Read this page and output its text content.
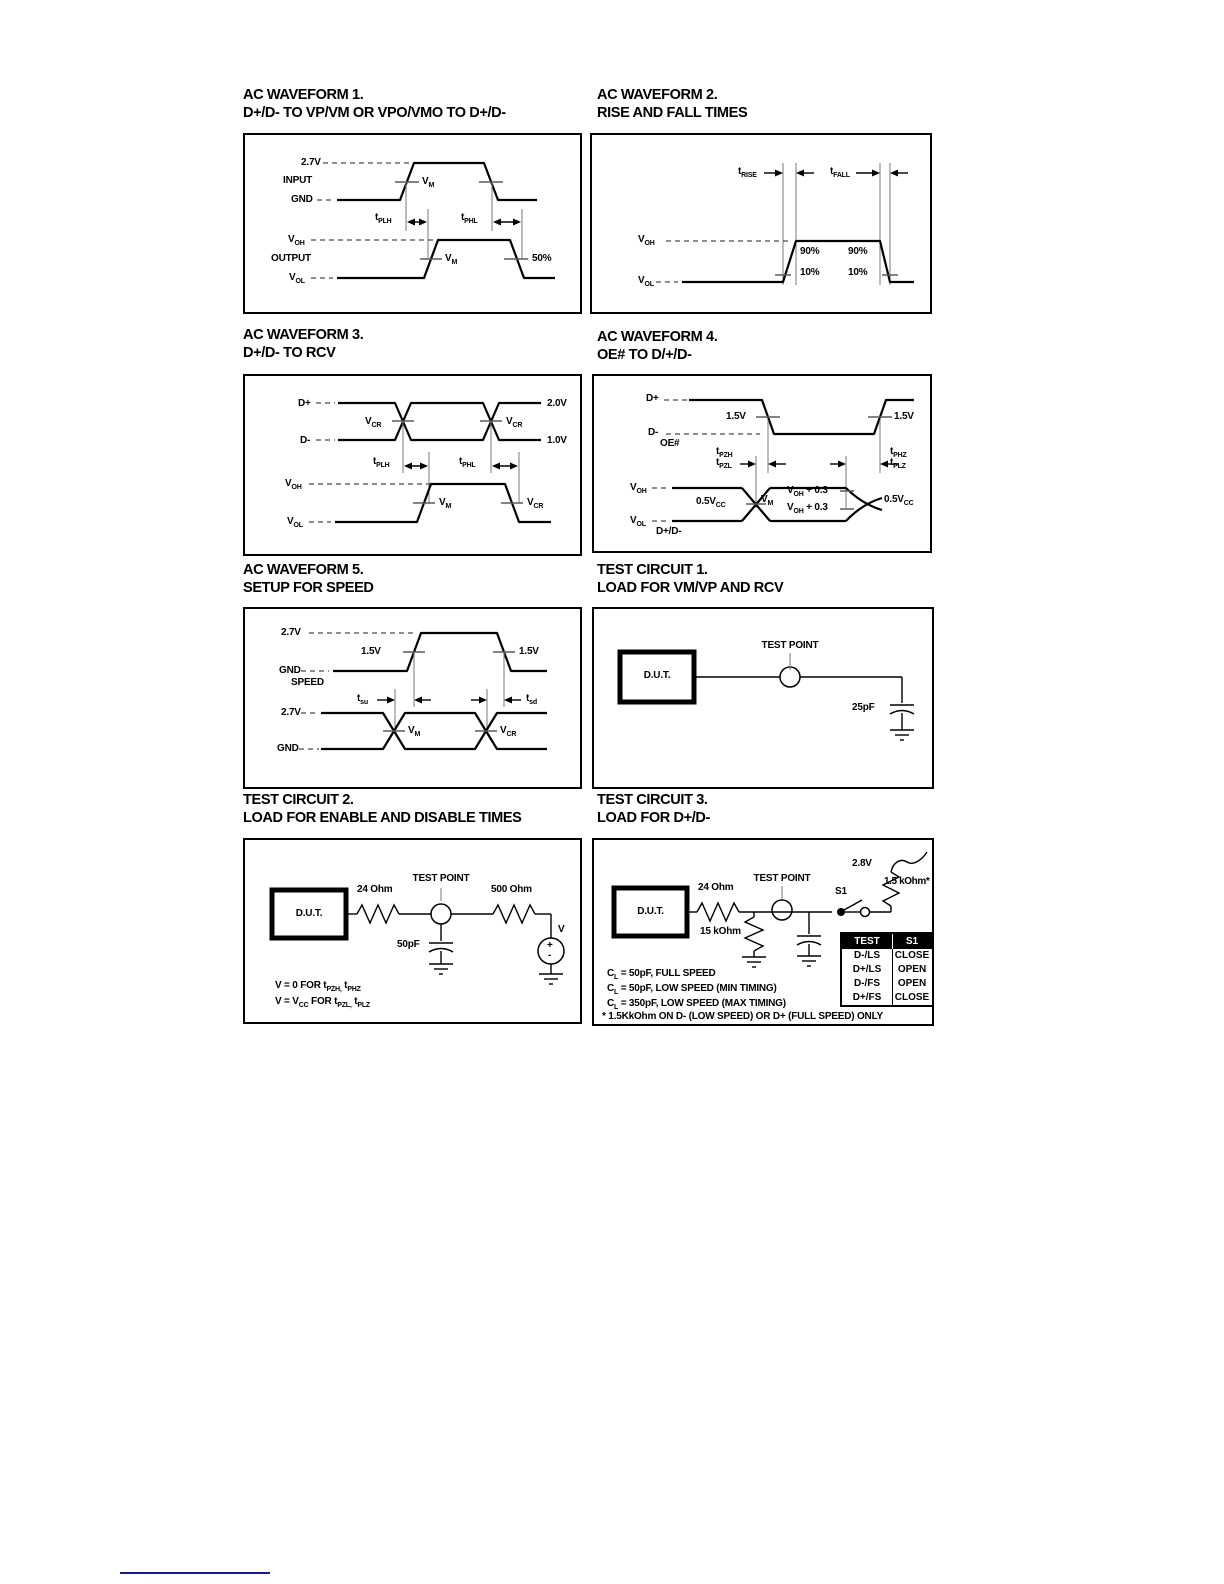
AC WAVEFORM 1.
D+/D- TO VP/VM OR VPO/VMO TO D+/D-
2.7V
INPUT
GND
$V_M$
$t_{PLH}$	$t_{PHL}$
$V_{OH}$
OUTPUT
$V_{OL}$
$V_M$	50%
AC WAVEFORM 2.
RISE AND FALL TIMES
$t_{RISE}$	$t_{FALL}$
$V_{OH}$
$V_{OL}$
90%
10%
90%
10%
AC WAVEFORM 3.
D+/D- TO RCV
D+
D-
2.0V
1.0V
$V_{CR}$	$V_{CR}$
$t_{PLH}$	$t_{PHL}$
$V_{OH}$
$V_{OL}$
$V_M$	$V_{CR}$
AC WAVEFORM 4.
OE# TO D/+/D-
D+
D-
OE#
1.5V	1.5V
$t_{PZH}$
$t_{PZL}$
$t_{PHZ}$
$t_{PLZ}$
$V_{OH}$
$V_{OL}$
$0.5V_{CC}$
$V_M$
$V_{OH} + 0.3$
$V_{OH} + 0.3$
$0.5V_{CC}$
D+/D-
AC WAVEFORM 5.
SETUP FOR SPEED
2.7V
GND
SPEED
1.5V	1.5V
$t_{su}$	$t_{sd}$
2.7V
GND
$V_M$	$V_{CR}$
TEST CIRCUIT 1.
LOAD FOR VM/VP AND RCV
D.U.T.
TEST POINT
25pF
TEST CIRCUIT 2.
LOAD FOR ENABLE AND DISABLE TIMES
D.U.T.
24 Ohm
TEST POINT
500 Ohm
V
+
-
50pF
V = 0 FOR $t_{PZH,}$ $t_{PHZ}$
$V = V_{CC}$ FOR $t_{PZL,}$ $t_{PLZ}$
TEST CIRCUIT 3.
LOAD FOR D+/D-
D.U.T.
24 Ohm
TEST POINT
15 kOhm
S1
2.8V
1.5 kOhm*
TEST	S1
D-/LS	CLOSE
D+/LS	OPEN
D-/FS	OPEN
D+/FS	CLOSE
$C_L = 50pF$, FULL SPEED
$C_L = 50pF$, LOW SPEED (MIN TIMING)
$C_L = 350pF$, LOW SPEED (MAX TIMING)
* 1.5KkOhm ON D- (LOW SPEED) OR D+ (FULL SPEED) ONLY
